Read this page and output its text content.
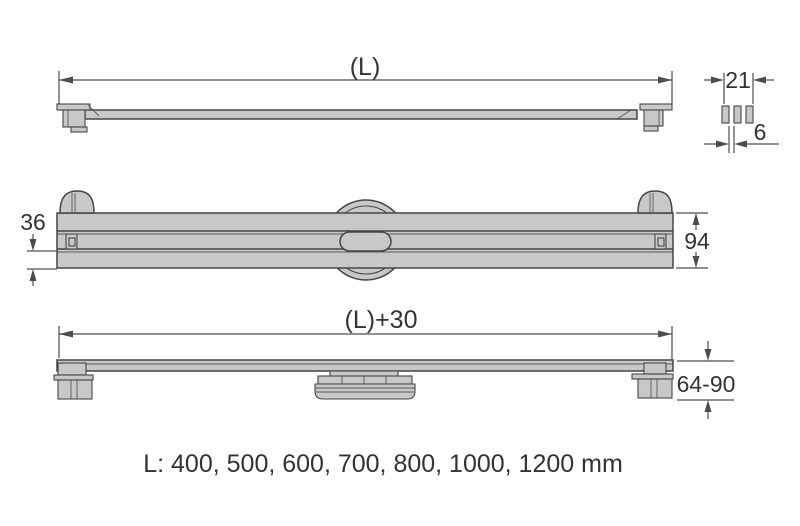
(L)	21
6
36
94
(L)+30
64-90
L: 400, 500, 600, 700, 800, 1000, 1200 mm
